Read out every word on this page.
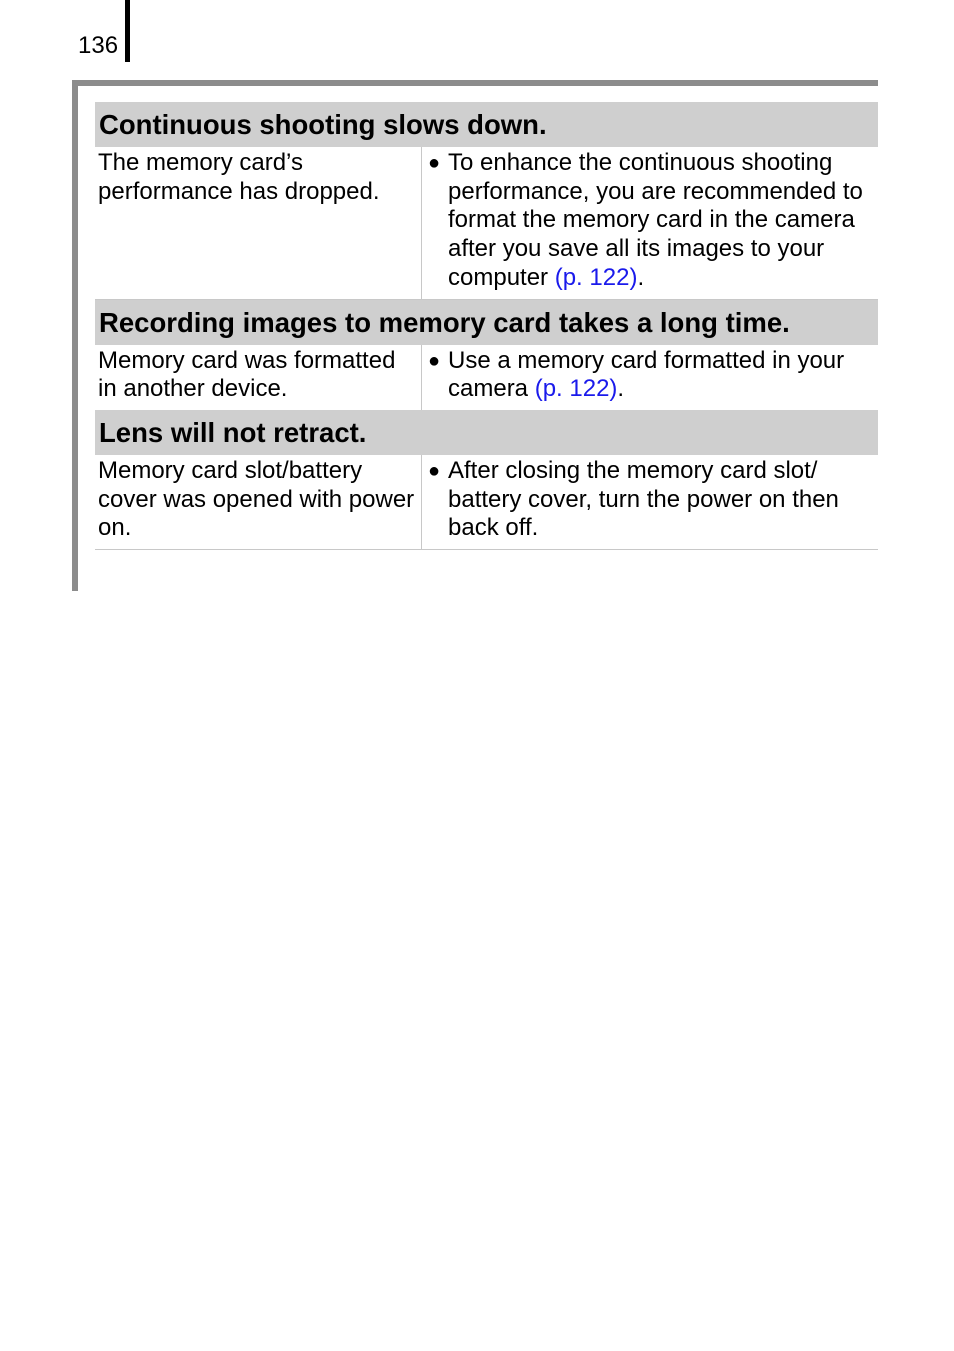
136
Continuous shooting slows down.
The memory card’s performance has dropped.
● To enhance the continuous shooting performance, you are recommended to format the memory card in the camera after you save all its images to your computer (p. 122).
Recording images to memory card takes a long time.
Memory card was formatted in another device.
● Use a memory card formatted in your camera (p. 122).
Lens will not retract.
Memory card slot/battery cover was opened with power on.
● After closing the memory card slot/ battery cover, turn the power on then back off.
